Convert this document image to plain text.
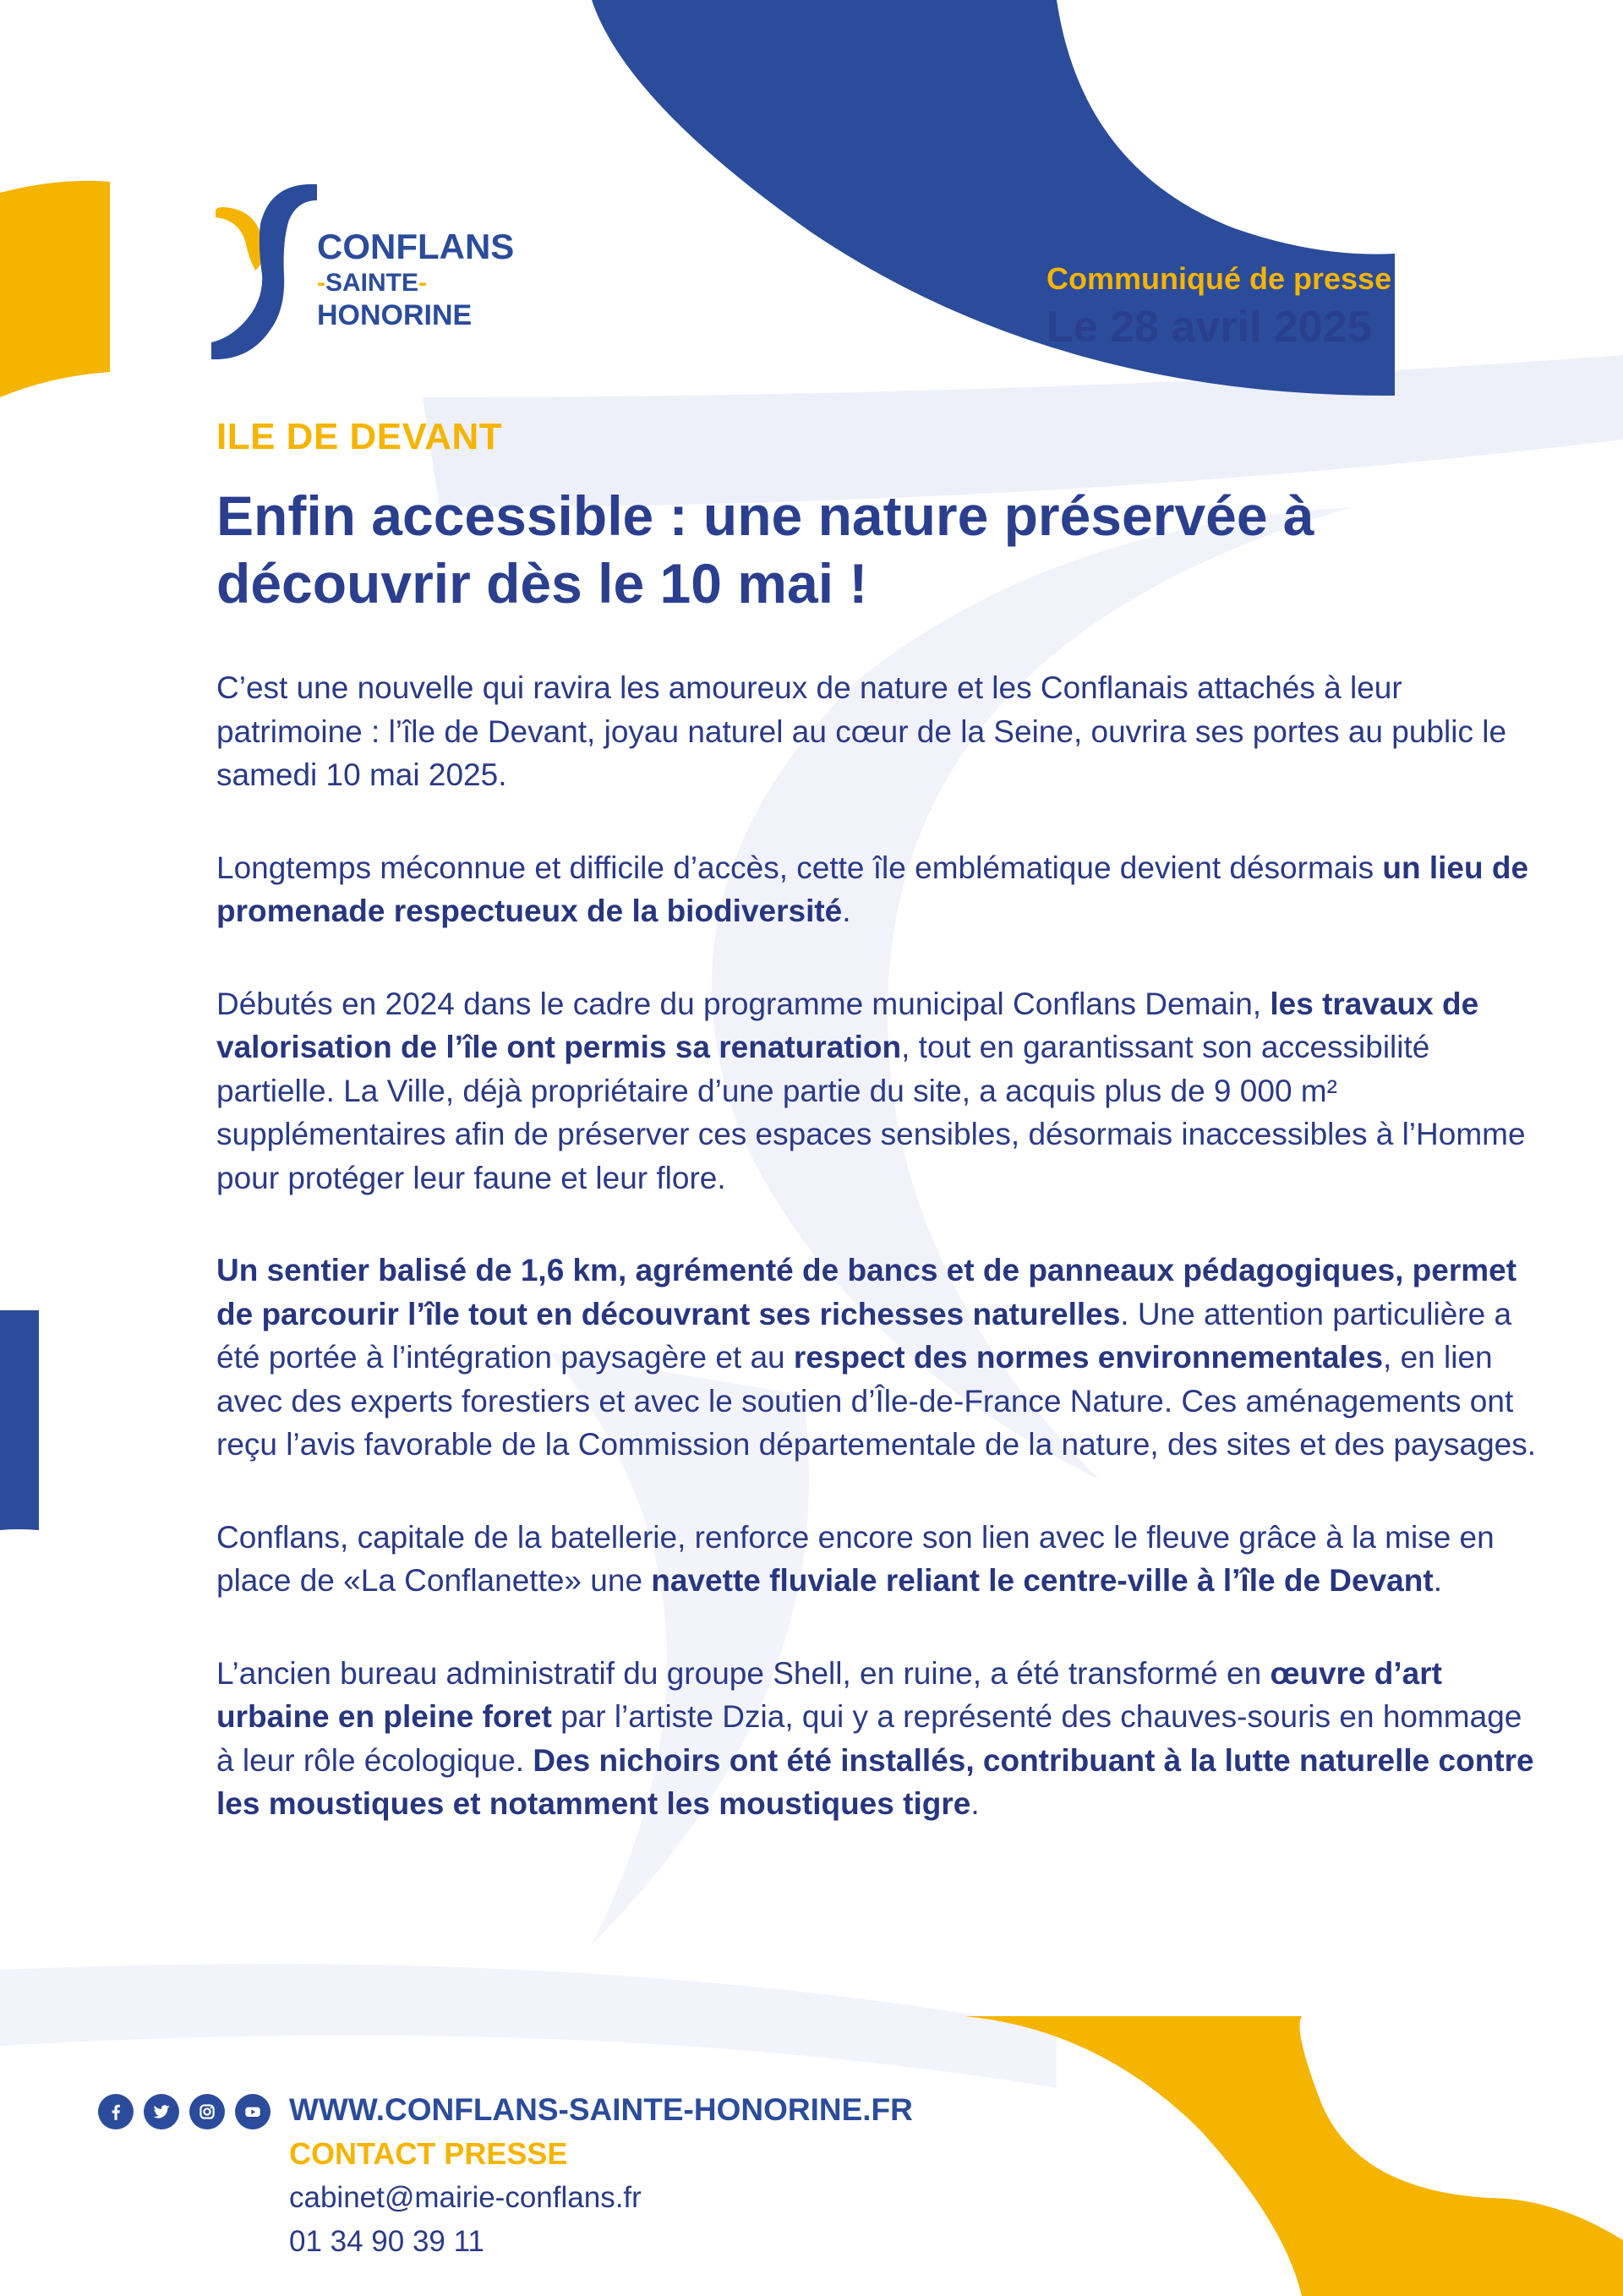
CONFLANS
-SAINTE-
HONORINE
Communiqué de presse
Le 28 avril 2025
ILE DE DEVANT
Enfin accessible : une nature préservée à
découvrir dès le 10 mai !

C’est une nouvelle qui ravira les amoureux de nature et les Conflanais attachés à leur patrimoine : l’île de Devant, joyau naturel au cœur de la Seine, ouvrira ses portes au public le samedi 10 mai 2025.

Longtemps méconnue et difficile d’accès, cette île emblématique devient désormais un lieu de promenade respectueux de la biodiversité.

Débutés en 2024 dans le cadre du programme municipal Conflans Demain, les travaux de valorisation de l’île ont permis sa renaturation, tout en garantissant son accessibilité partielle. La Ville, déjà propriétaire d’une partie du site, a acquis plus de 9 000 m² supplémentaires afin de préserver ces espaces sensibles, désormais inaccessibles à l’Homme pour protéger leur faune et leur flore.

Un sentier balisé de 1,6 km, agrémenté de bancs et de panneaux pédagogiques, permet de parcourir l’île tout en découvrant ses richesses naturelles. Une attention particulière a été portée à l’intégration paysagère et au respect des normes environnementales, en lien avec des experts forestiers et avec le soutien d’Île-de-France Nature. Ces aménagements ont reçu l’avis favorable de la Commission départementale de la nature, des sites et des paysages.

Conflans, capitale de la batellerie, renforce encore son lien avec le fleuve grâce à la mise en place de «La Conflanette» une navette fluviale reliant le centre-ville à l’île de Devant.

L’ancien bureau administratif du groupe Shell, en ruine, a été transformé en œuvre d’art urbaine en pleine foret par l’artiste Dzia, qui y a représenté des chauves-souris en hommage à leur rôle écologique. Des nichoirs ont été installés, contribuant à la lutte naturelle contre les moustiques et notamment les moustiques tigre.

WWW.CONFLANS-SAINTE-HONORINE.FR
CONTACT PRESSE
cabinet@mairie-conflans.fr
01 34 90 39 11
